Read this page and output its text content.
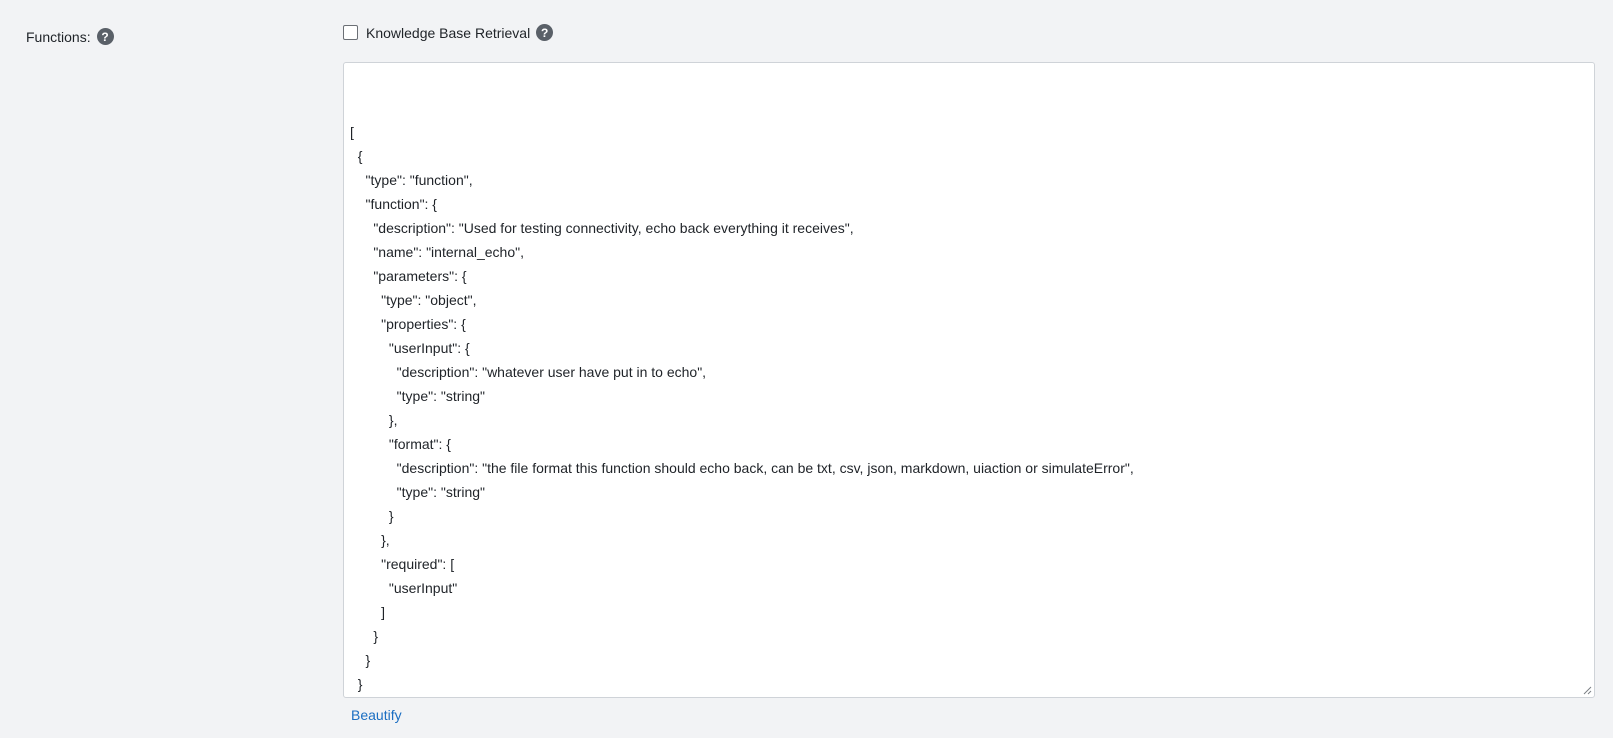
Functions: ?	Knowledge Base Retrieval ?

[
{
"type": "function",
"function": {
"description": "Used for testing connectivity, echo back everything it receives",
"name": "internal_echo",
"parameters": {
"type": "object",
"properties": {
"userInput": {
"description": "whatever user have put in to echo",
"type": "string"
},
"format": {
"description": "the file format this function should echo back, can be txt, csv, json, markdown, uiaction or simulateError",
"type": "string"
}
},
"required": [
"userInput"
]
}
}
}

Beautify
